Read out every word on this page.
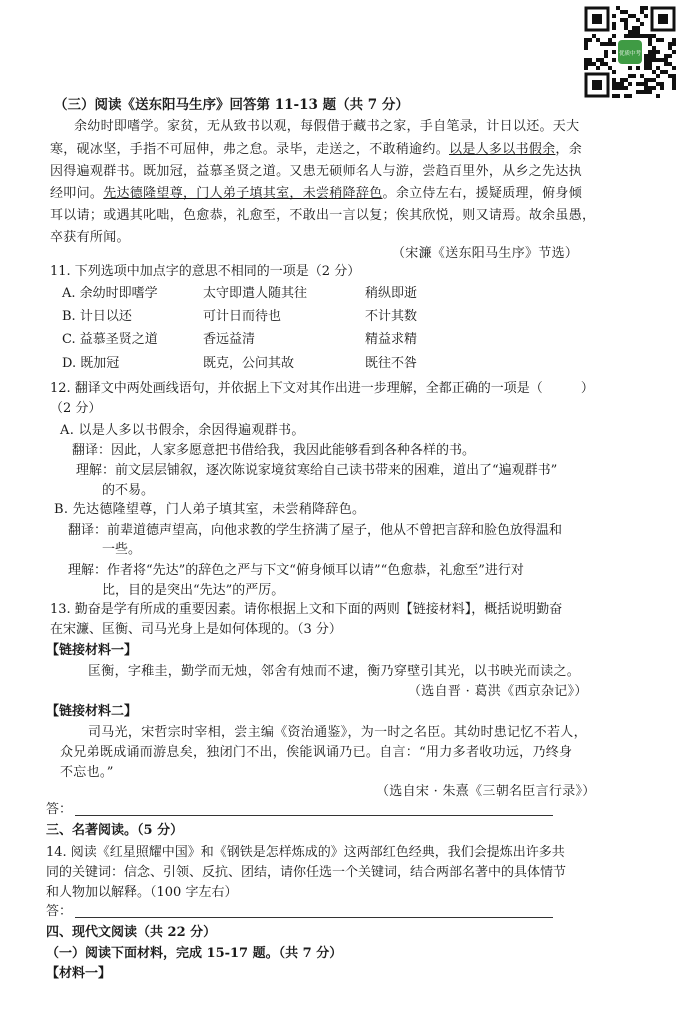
优质中考
（三）阅读《送东阳马生序》回答第 11-13 题（共 7 分）
余幼时即嗜学。家贫，无从致书以观，每假借于藏书之家，手自笔录，计日以还。天大
寒，砚冰坚，手指不可屈伸，弗之怠。录毕，走送之，不敢稍逾约。以是人多以书假余，余
因得遍观群书。既加冠，益慕圣贤之道。又患无硕师名人与游，尝趋百里外，从乡之先达执
经叩问。先达德隆望尊，门人弟子填其室，未尝稍降辞色。余立侍左右，援疑质理，俯身倾
耳以请；或遇其叱咄，色愈恭，礼愈至，不敢出一言以复；俟其欣悦，则又请焉。故余虽愚，
卒获有所闻。
（宋濂《送东阳马生序》节选）
11. 下列选项中加点字的意思不相同的一项是（2 分）
A. 余幼时即嗜学	太守即遣人随其往	稍纵即逝
B. 计日以还	可计日而待也	不计其数
C. 益慕圣贤之道	香远益清	精益求精
D. 既加冠	既克，公问其故	既往不咎
12. 翻译文中两处画线语句，并依据上下文对其作出进一步理解，全都正确的一项是（	）
（2 分）
A. 以是人多以书假余，余因得遍观群书。
翻译：因此，人家多愿意把书借给我，我因此能够看到各种各样的书。
理解：前文层层铺叙，逐次陈说家境贫寒给自己读书带来的困难，道出了“遍观群书”
的不易。
B. 先达德隆望尊，门人弟子填其室，未尝稍降辞色。
翻译：前辈道德声望高，向他求教的学生挤满了屋子，他从不曾把言辞和脸色放得温和
一些。
理解：作者将“先达”的辞色之严与下文“俯身倾耳以请”“色愈恭，礼愈至”进行对
比，目的是突出“先达”的严厉。
13. 勤奋是学有所成的重要因素。请你根据上文和下面的两则【链接材料】，概括说明勤奋
在宋濂、匡衡、司马光身上是如何体现的。（3 分）
【链接材料一】
匡衡，字稚圭，勤学而无烛，邻舍有烛而不逮，衡乃穿壁引其光，以书映光而读之。
（选自晋 · 葛洪《西京杂记》）
【链接材料二】
司马光，宋哲宗时宰相，尝主编《资治通鉴》，为一时之名臣。其幼时患记忆不若人，
众兄弟既成诵而游息矣，独闭门不出，俟能讽诵乃已。自言：“用力多者收功远，乃终身
不忘也。”
（选自宋 · 朱熹《三朝名臣言行录》）
答：
三、名著阅读。（5 分）
14. 阅读《红星照耀中国》和《钢铁是怎样炼成的》这两部红色经典，我们会提炼出许多共
同的关键词：信念、引领、反抗、团结，请你任选一个关键词，结合两部名著中的具体情节
和人物加以解释。（100 字左右）
答：
四、现代文阅读（共 22 分）
（一）阅读下面材料，完成 15-17 题。（共 7 分）
【材料一】
